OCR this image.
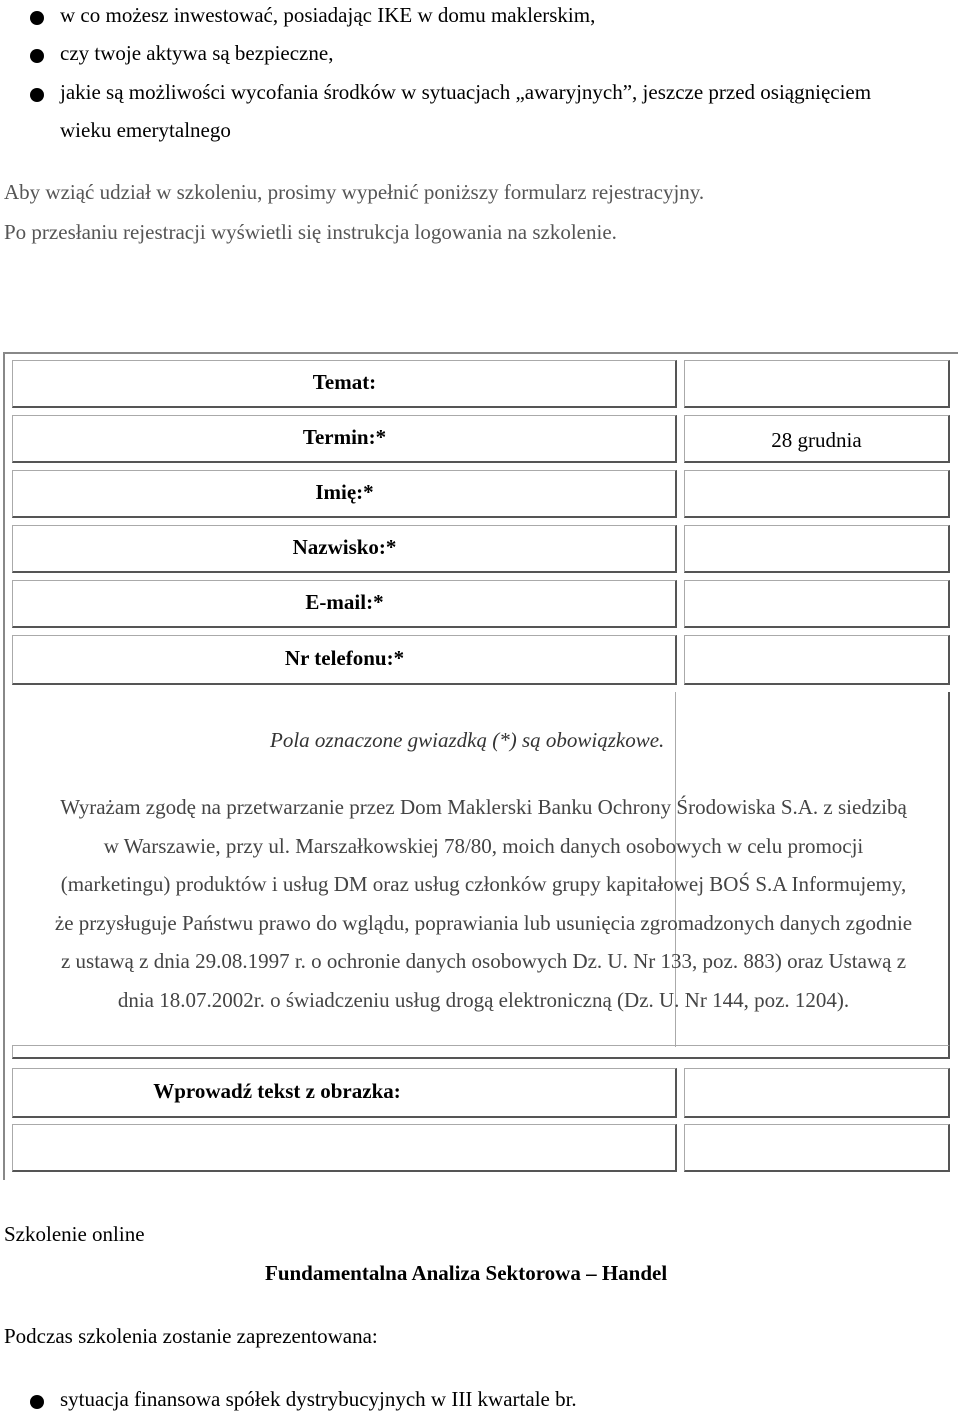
w co możesz inwestować, posiadając IKE w domu maklerskim,
czy twoje aktywa są bezpieczne,
jakie są możliwości wycofania środków w sytuacjach „awaryjnych”, jeszcze przed osiągnięciem
wieku emerytalnego
Aby wziąć udział w szkoleniu, prosimy wypełnić poniższy formularz rejestracyjny.
Po przesłaniu rejestracji wyświetli się instrukcja logowania na szkolenie.
Temat:
Termin:*
Imię:*
Nazwisko:*
E-mail:*
Nr telefonu:*
28 grudnia
Pola oznaczone gwiazdką (*) są obowiązkowe.
Wyrażam zgodę na przetwarzanie przez Dom Maklerski Banku Ochrony Środowiska S.A. z siedzibą
w Warszawie, przy ul. Marszałkowskiej 78/80, moich danych osobowych w celu promocji
(marketingu) produktów i usług DM oraz usług członków grupy kapitałowej BOŚ S.A Informujemy,
że przysługuje Państwu prawo do wglądu, poprawiania lub usunięcia zgromadzonych danych zgodnie
z ustawą z dnia 29.08.1997 r. o ochronie danych osobowych Dz. U. Nr 133, poz. 883) oraz Ustawą z
dnia 18.07.2002r. o świadczeniu usług drogą elektroniczną (Dz. U. Nr 144, poz. 1204).
Wprowadź tekst z obrazka:
Szkolenie online
Fundamentalna Analiza Sektorowa – Handel
Podczas szkolenia zostanie zaprezentowana:
sytuacja finansowa spółek dystrybucyjnych w III kwartale br.
